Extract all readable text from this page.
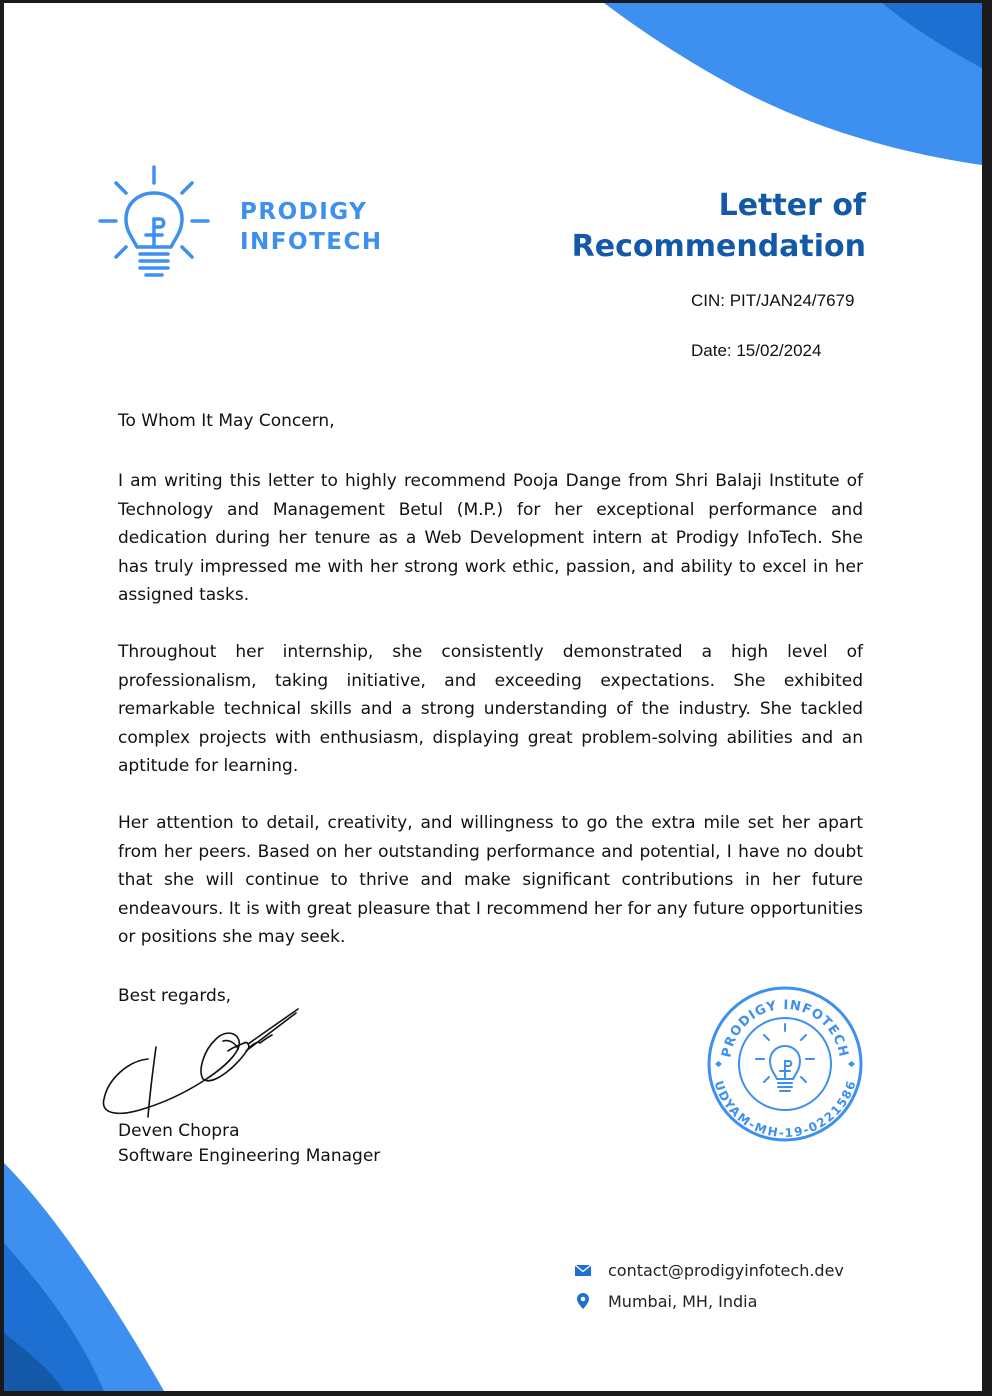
PRODIGY
INFOTECH
Letter of
Recommendation
CIN: PIT/JAN24/7679
Date: 15/02/2024
To Whom It May Concern,

I am writing this letter to highly recommend Pooja Dange from Shri Balaji Institute of Technology and Management Betul (M.P.) for her exceptional performance and dedication during her tenure as a Web Development intern at Prodigy InfoTech. She has truly impressed me with her strong work ethic, passion, and ability to excel in her assigned tasks.

Throughout her internship, she consistently demonstrated a high level of professionalism, taking initiative, and exceeding expectations. She exhibited remarkable technical skills and a strong understanding of the industry. She tackled complex projects with enthusiasm, displaying great problem-solving abilities and an aptitude for learning.

Her attention to detail, creativity, and willingness to go the extra mile set her apart from her peers. Based on her outstanding performance and potential, I have no doubt that she will continue to thrive and make significant contributions in her future endeavours. It is with great pleasure that I recommend her for any future opportunities or positions she may seek.

Best regards,
Deven Chopra
Software Engineering Manager
PRODIGY INFOTECH
UDYAM-MH-19-0221586
contact@prodigyinfotech.dev
Mumbai, MH, India
